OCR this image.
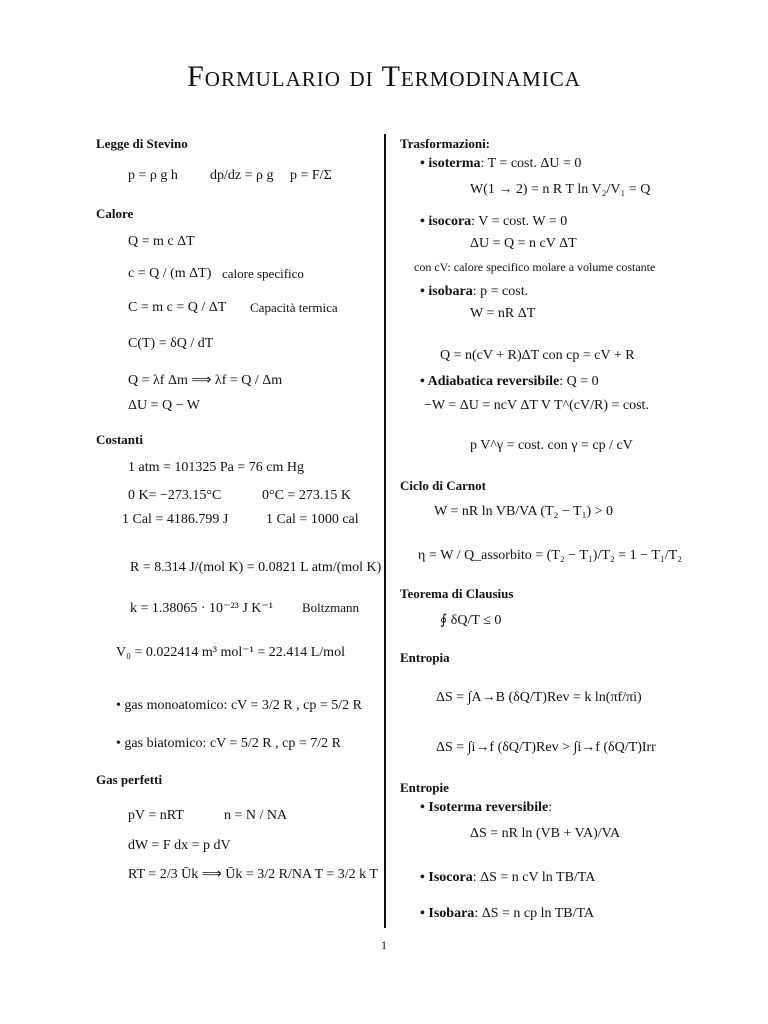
Formulario di Termodinamica
Legge di Stevino
p = ρ g h dp/dz = ρ g p = F/Σ
Calore
Q = m c ΔT
c = Q / (m ΔT) calore specifico
C = m c = Q / ΔT Capacità termica
C(T) = δQ / dT
Q = λf Δm ⟹ λf = Q / Δm
ΔU = Q − W
Costanti
1 atm = 101325 Pa = 76 cm Hg
0 K= −273.15°C	0°C = 273.15 K
1 Cal = 4186.799 J	1 Cal = 1000 cal
R = 8.314 J/(mol K) = 0.0821 L atm/(mol K)
k = 1.38065 · 10⁻²³ J K⁻¹ Boltzmann
V₀ = 0.022414 m³ mol⁻¹ = 22.414 L/mol
• gas monoatomico: cV = 3/2 R , cp = 5/2 R
• gas biatomico: cV = 5/2 R , cp = 7/2 R
Gas perfetti
pV = nRT	n = N / NA
dW = F dx = p dV
RT = 2/3 Ūk ⟹ Ūk = 3/2 R/NA T = 3/2 k T
Trasformazioni:
• isoterma: T = cost. ΔU = 0
W(1 → 2) = n R T ln V₂/V₁ = Q
• isocora: V = cost. W = 0
ΔU = Q = n cV ΔT
con cV: calore specifico molare a volume costante
• isobara: p = cost.
W = nR ΔT
Q = n(cV + R)ΔT con cp = cV + R
• Adiabatica reversibile: Q = 0
−W = ΔU = ncV ΔT V T^(cV/R) = cost.
p V^γ = cost. con γ = cp / cV
Ciclo di Carnot
W = nR ln VB/VA (T₂ − T₁) > 0
η = W / Q_assorbito = (T₂ − T₁)/T₂ = 1 − T₁/T₂
Teorema di Clausius
∮ δQ/T ≤ 0
Entropia
ΔS = ∫A→B (δQ/T)Rev = k ln(πf/πi)
ΔS = ∫i→f (δQ/T)Rev > ∫i→f (δQ/T)Irr
Entropie
• Isoterma reversibile:
ΔS = nR ln (VB + VA)/VA
• Isocora: ΔS = n cV ln TB/TA
• Isobara: ΔS = n cp ln TB/TA
1
